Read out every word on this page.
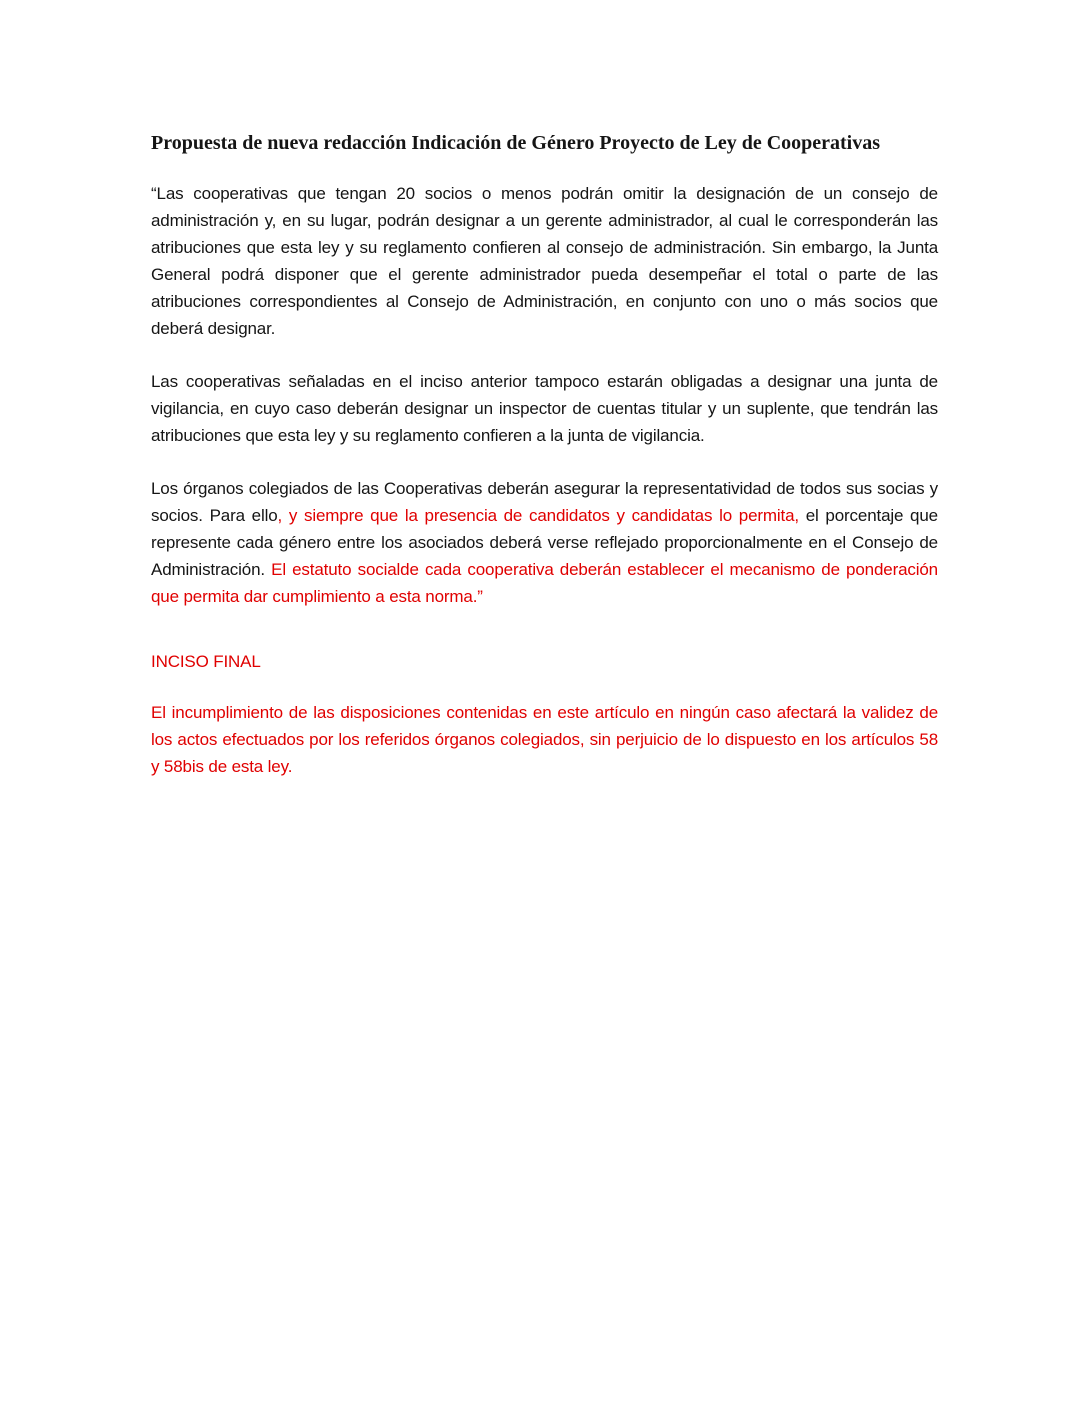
Propuesta de nueva redacción Indicación de Género Proyecto de Ley de Cooperativas

“Las cooperativas que tengan 20 socios o menos podrán omitir la designación de un consejo de administración y, en su lugar, podrán designar a un gerente administrador, al cual le corresponderán las atribuciones que esta ley y su reglamento confieren al consejo de administración. Sin embargo, la Junta General podrá disponer que el gerente administrador pueda desempeñar el total o parte de las atribuciones correspondientes al Consejo de Administración, en conjunto con uno o más socios que deberá designar.

Las cooperativas señaladas en el inciso anterior tampoco estarán obligadas a designar una junta de vigilancia, en cuyo caso deberán designar un inspector de cuentas titular y un suplente, que tendrán las atribuciones que esta ley y su reglamento confieren a la junta de vigilancia.

Los órganos colegiados de las Cooperativas deberán asegurar la representatividad de todos sus socias y socios. Para ello, y siempre que la presencia de candidatos y candidatas lo permita, el porcentaje que represente cada género entre los asociados deberá verse reflejado proporcionalmente en el Consejo de Administración. El estatuto socialde cada cooperativa deberán establecer el mecanismo de ponderación que permita dar cumplimiento a esta norma.”

INCISO FINAL

El incumplimiento de las disposiciones contenidas en este artículo en ningún caso afectará la validez de los actos efectuados por los referidos órganos colegiados, sin perjuicio de lo dispuesto en los artículos 58 y 58bis de esta ley.
